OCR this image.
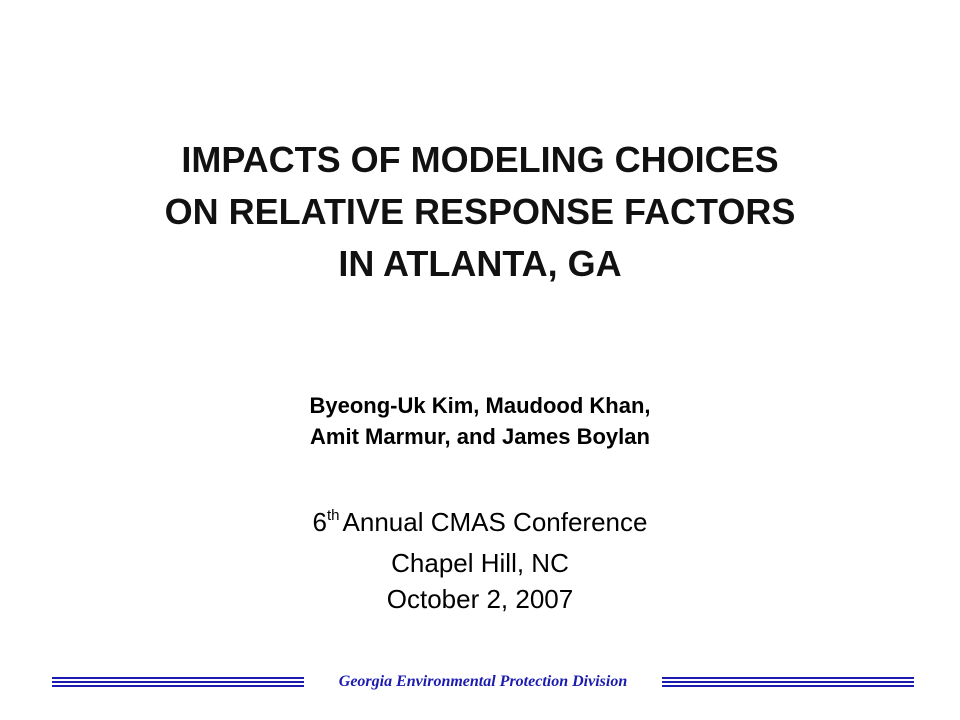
IMPACTS OF MODELING CHOICES
ON RELATIVE RESPONSE FACTORS
IN ATLANTA, GA
Byeong-Uk Kim, Maudood Khan,
Amit Marmur, and James Boylan
6th Annual CMAS Conference
Chapel Hill, NC
October 2, 2007
Georgia Environmental Protection Division
